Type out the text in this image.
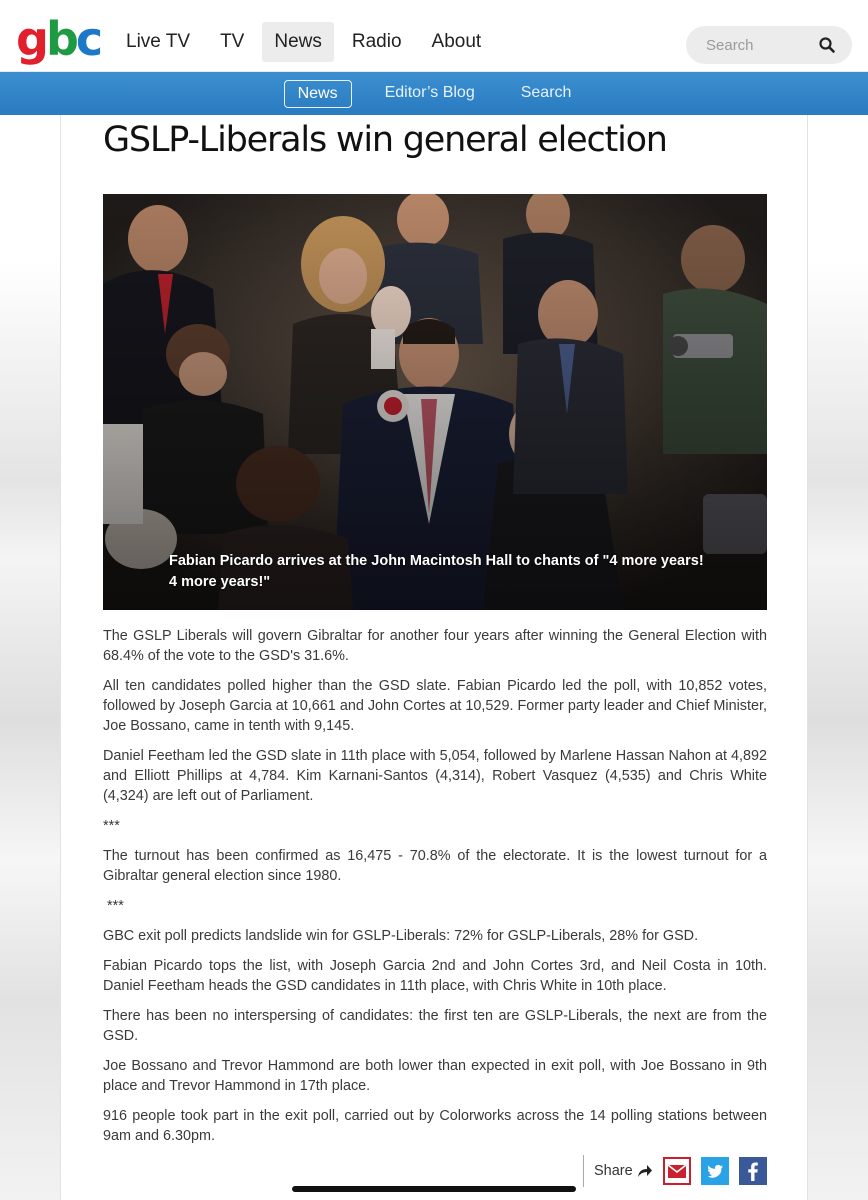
gbc	Live TV	TV	News	Radio	About
Search
News	Editor’s Blog	Search
GSLP-Liberals win general election
Fabian Picardo arrives at the John Macintosh Hall to chants of "4 more years! 4 more years!"

The GSLP Liberals will govern Gibraltar for another four years after winning the General Election with 68.4% of the vote to the GSD's 31.6%.

All ten candidates polled higher than the GSD slate. Fabian Picardo led the poll, with 10,852 votes, followed by Joseph Garcia at 10,661 and John Cortes at 10,529. Former party leader and Chief Minister, Joe Bossano, came in tenth with 9,145.

Daniel Feetham led the GSD slate in 11th place with 5,054, followed by Marlene Hassan Nahon at 4,892 and Elliott Phillips at 4,784. Kim Karnani-Santos (4,314), Robert Vasquez (4,535) and Chris White (4,324) are left out of Parliament.

***

The turnout has been confirmed as 16,475 - 70.8% of the electorate. It is the lowest turnout for a Gibraltar general election since 1980.

***

GBC exit poll predicts landslide win for GSLP-Liberals: 72% for GSLP-Liberals, 28% for GSD.

Fabian Picardo tops the list, with Joseph Garcia 2nd and John Cortes 3rd, and Neil Costa in 10th. Daniel Feetham heads the GSD candidates in 11th place, with Chris White in 10th place.

There has been no interspersing of candidates: the first ten are GSLP-Liberals, the next are from the GSD.

Joe Bossano and Trevor Hammond are both lower than expected in exit poll, with Joe Bossano in 9th place and Trevor Hammond in 17th place.

916 people took part in the exit poll, carried out by Colorworks across the 14 polling stations between 9am and 6.30pm.

Share
